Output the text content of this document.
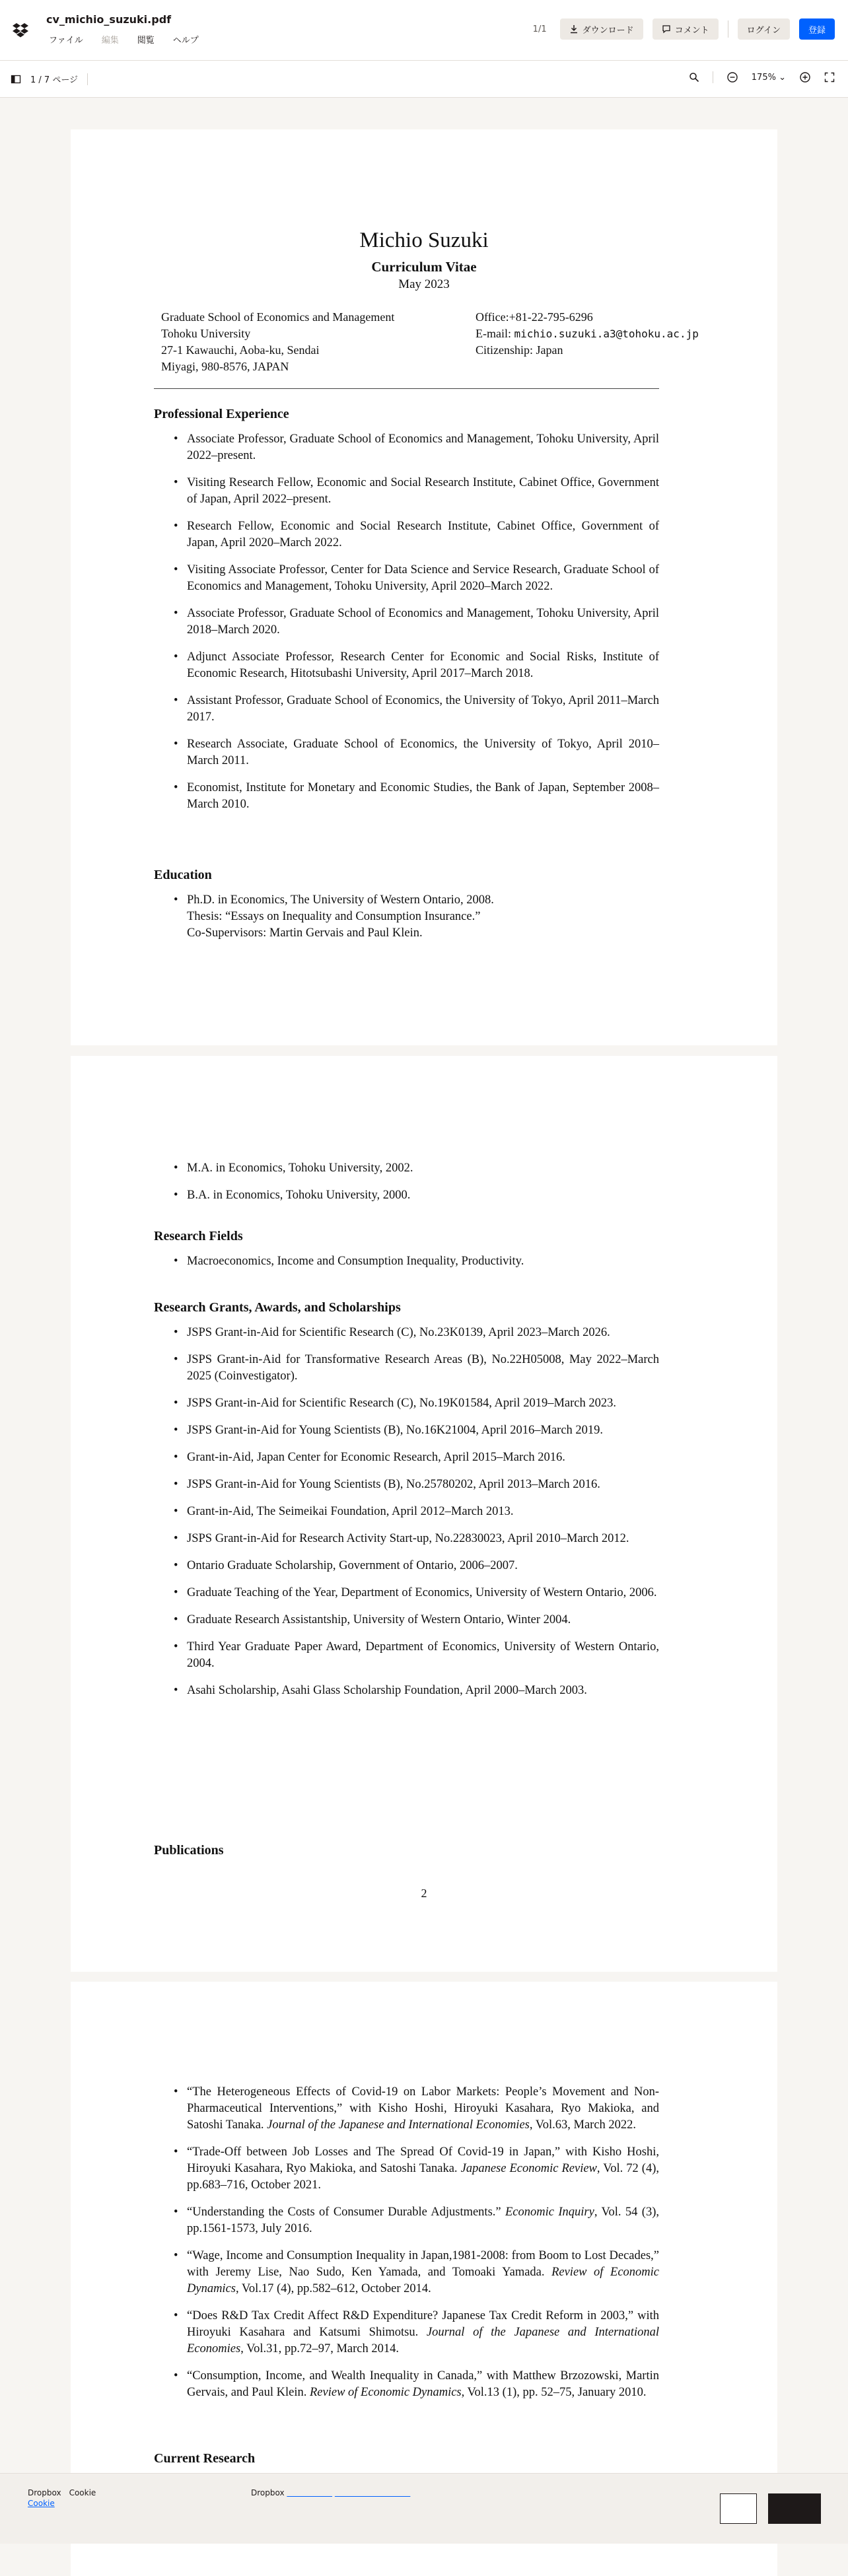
cv_michio_suzuki.pdf
ファイル 編集 閲覧 ヘルプ
1/1	ダウンロード	コメント	ログイン	登録
1 / 7 ページ	175% ⌄
Michio Suzuki
Curriculum Vitae
May 2023
Graduate School of Economics and Management
Tohoku University
27-1 Kawauchi, Aoba-ku, Sendai
Miyagi, 980-8576, JAPAN
Office:+81-22-795-6296
E-mail: michio.suzuki.a3@tohoku.ac.jp
Citizenship: Japan
Professional Experience
• Associate Professor, Graduate School of Economics and Management, Tohoku University, April 2022–present.
• Visiting Research Fellow, Economic and Social Research Institute, Cabinet Office, Government of Japan, April 2022–present.
• Research Fellow, Economic and Social Research Institute, Cabinet Office, Government of Japan, April 2020–March 2022.
• Visiting Associate Professor, Center for Data Science and Service Research, Graduate School of Economics and Management, Tohoku University, April 2020–March 2022.
• Associate Professor, Graduate School of Economics and Management, Tohoku University, April 2018–March 2020.
• Adjunct Associate Professor, Research Center for Economic and Social Risks, Institute of Economic Research, Hitotsubashi University, April 2017–March 2018.
• Assistant Professor, Graduate School of Economics, the University of Tokyo, April 2011–March 2017.
• Research Associate, Graduate School of Economics, the University of Tokyo, April 2010–March 2011.
• Economist, Institute for Monetary and Economic Studies, the Bank of Japan, September 2008–March 2010.
Education
• Ph.D. in Economics, The University of Western Ontario, 2008.
Thesis: “Essays on Inequality and Consumption Insurance.”
Co-Supervisors: Martin Gervais and Paul Klein.
• M.A. in Economics, Tohoku University, 2002.
• B.A. in Economics, Tohoku University, 2000.
Research Fields
• Macroeconomics, Income and Consumption Inequality, Productivity.
Research Grants, Awards, and Scholarships
• JSPS Grant-in-Aid for Scientific Research (C), No.23K0139, April 2023–March 2026.
• JSPS Grant-in-Aid for Transformative Research Areas (B), No.22H05008, May 2022–March 2025 (Coinvestigator).
• JSPS Grant-in-Aid for Scientific Research (C), No.19K01584, April 2019–March 2023.
• JSPS Grant-in-Aid for Young Scientists (B), No.16K21004, April 2016–March 2019.
• Grant-in-Aid, Japan Center for Economic Research, April 2015–March 2016.
• JSPS Grant-in-Aid for Young Scientists (B), No.25780202, April 2013–March 2016.
• Grant-in-Aid, The Seimeikai Foundation, April 2012–March 2013.
• JSPS Grant-in-Aid for Research Activity Start-up, No.22830023, April 2010–March 2012.
• Ontario Graduate Scholarship, Government of Ontario, 2006–2007.
• Graduate Teaching of the Year, Department of Economics, University of Western Ontario, 2006.
• Graduate Research Assistantship, University of Western Ontario, Winter 2004.
• Third Year Graduate Paper Award, Department of Economics, University of Western Ontario, 2004.
• Asahi Scholarship, Asahi Glass Scholarship Foundation, April 2000–March 2003.
Publications
2
• “The Heterogeneous Effects of Covid-19 on Labor Markets: People’s Movement and Non-Pharmaceutical Interventions,” with Kisho Hoshi, Hiroyuki Kasahara, Ryo Makioka, and Satoshi Tanaka. Journal of the Japanese and International Economies, Vol.63, March 2022.
• “Trade-Off between Job Losses and The Spread Of Covid-19 in Japan,” with Kisho Hoshi, Hiroyuki Kasahara, Ryo Makioka, and Satoshi Tanaka. Japanese Economic Review, Vol. 72 (4), pp.683–716, October 2021.
• “Understanding the Costs of Consumer Durable Adjustments.” Economic Inquiry, Vol. 54 (3), pp.1561-1573, July 2016.
• “Wage, Income and Consumption Inequality in Japan,1981-2008: from Boom to Lost Decades,” with Jeremy Lise, Nao Sudo, Ken Yamada, and Tomoaki Yamada. Review of Economic Dynamics, Vol.17 (4), pp.582–612, October 2014.
• “Does R&D Tax Credit Affect R&D Expenditure? Japanese Tax Credit Reform in 2003,” with Hiroyuki Kasahara and Katsumi Shimotsu. Journal of the Japanese and International Economies, Vol.31, pp.72–97, March 2014.
• “Consumption, Income, and Wealth Inequality in Canada,” with Matthew Brzozowski, Martin Gervais, and Paul Klein. Review of Economic Dynamics, Vol.13 (1), pp. 52–75, January 2010.
Current Research
Dropbox Cookie
Cookie
Dropbox
